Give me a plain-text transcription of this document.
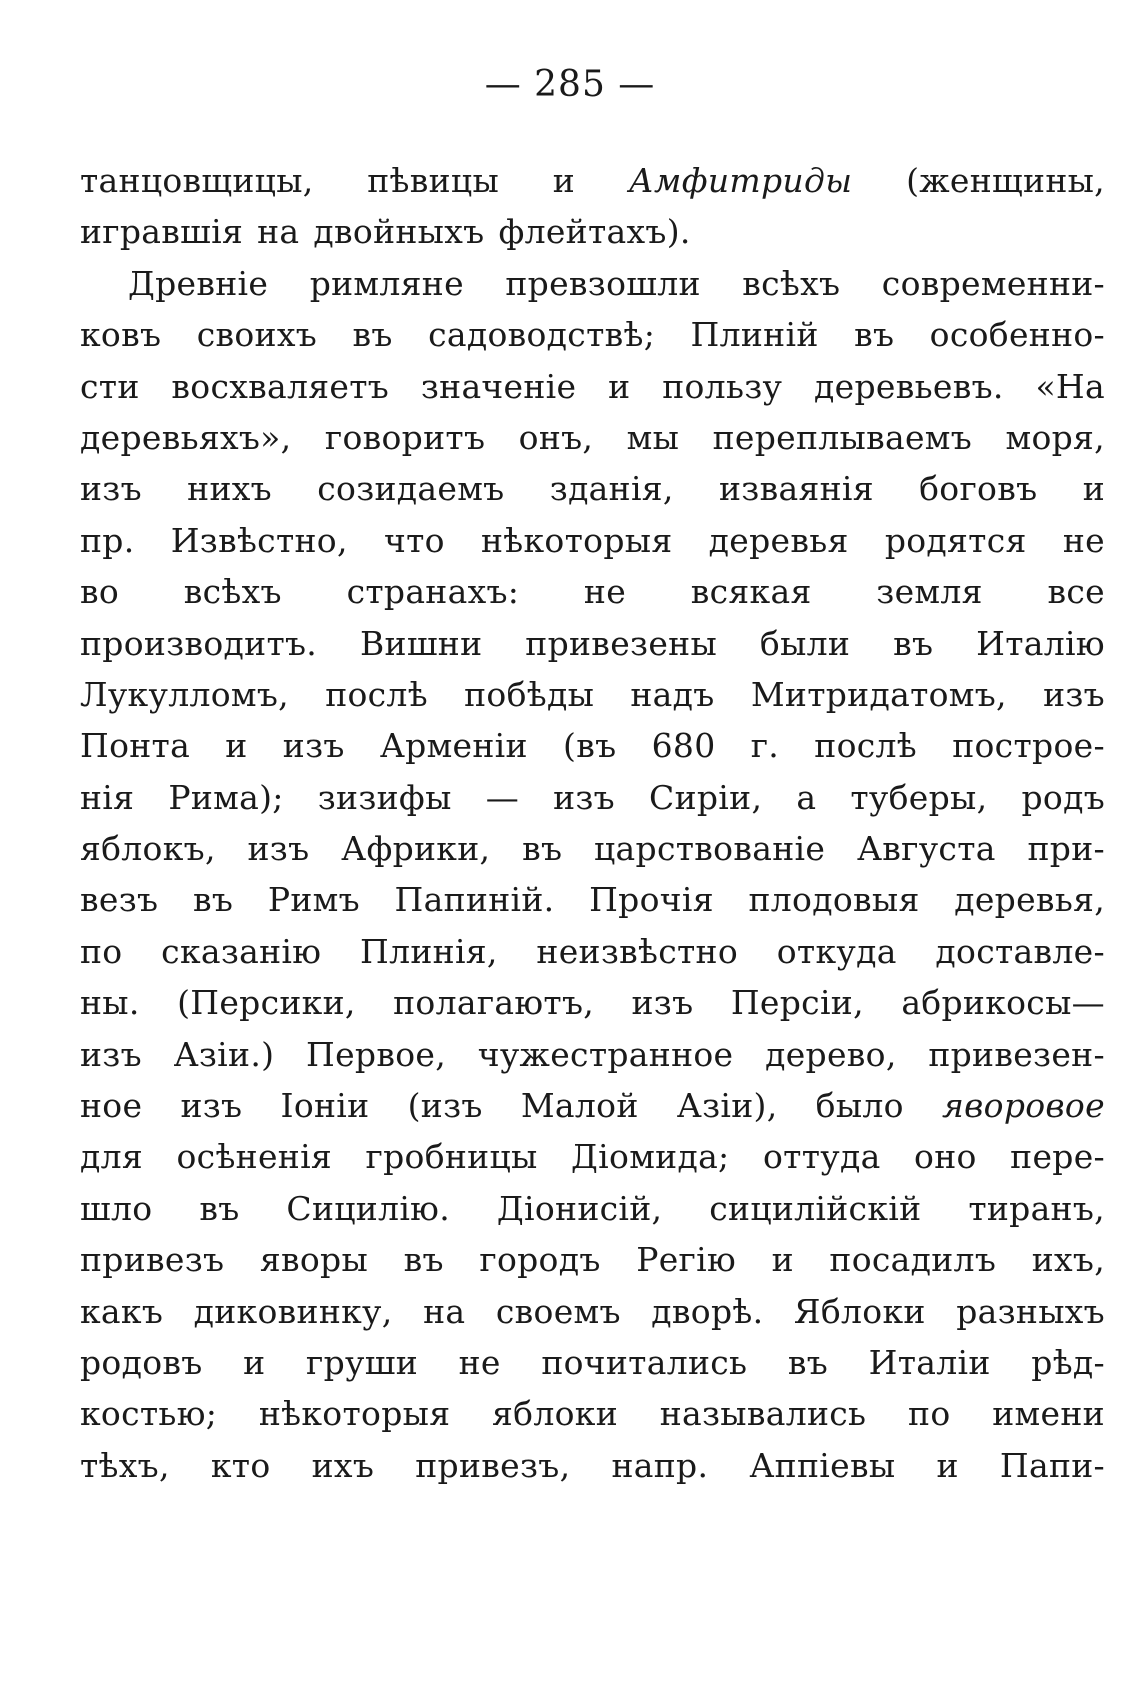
— 285 —
танцовщицы, пѣвицы и Амфитриды (женщины,
игравшія на двойныхъ флейтахъ).
Древніе римляне превзошли всѣхъ современни-
ковъ своихъ въ садоводствѣ; Плиній въ особенно-
сти восхваляетъ значеніе и пользу деревьевъ. «На
деревьяхъ», говоритъ онъ, мы переплываемъ моря,
изъ нихъ созидаемъ зданія, изваянія боговъ и
пр. Извѣстно, что нѣкоторыя деревья родятся не
во всѣхъ странахъ: не всякая земля все
производитъ. Вишни привезены были въ Италію
Лукулломъ, послѣ побѣды надъ Митридатомъ, изъ
Понта и изъ Арменіи (въ 680 г. послѣ построе-
нія Рима); зизифы — изъ Сиріи, а туберы, родъ
яблокъ, изъ Африки, въ царствованіе Августа при-
везъ въ Римъ Папиній. Прочія плодовыя деревья,
по сказанію Плинія, неизвѣстно откуда доставле-
ны. (Персики, полагаютъ, изъ Персіи, абрикосы—
изъ Азіи.) Первое, чужестранное дерево, привезен-
ное изъ Іоніи (изъ Малой Азіи), было яворовое
для осѣненія гробницы Діомида; оттуда оно пере-
шло въ Сицилію. Діонисій, сицилійскій тиранъ,
привезъ яворы въ городъ Регію и посадилъ ихъ,
какъ диковинку, на своемъ дворѣ. Яблоки разныхъ
родовъ и груши не почитались въ Италіи рѣд-
костью; нѣкоторыя яблоки назывались по имени
тѣхъ, кто ихъ привезъ, напр. Аппіевы и Папи-
